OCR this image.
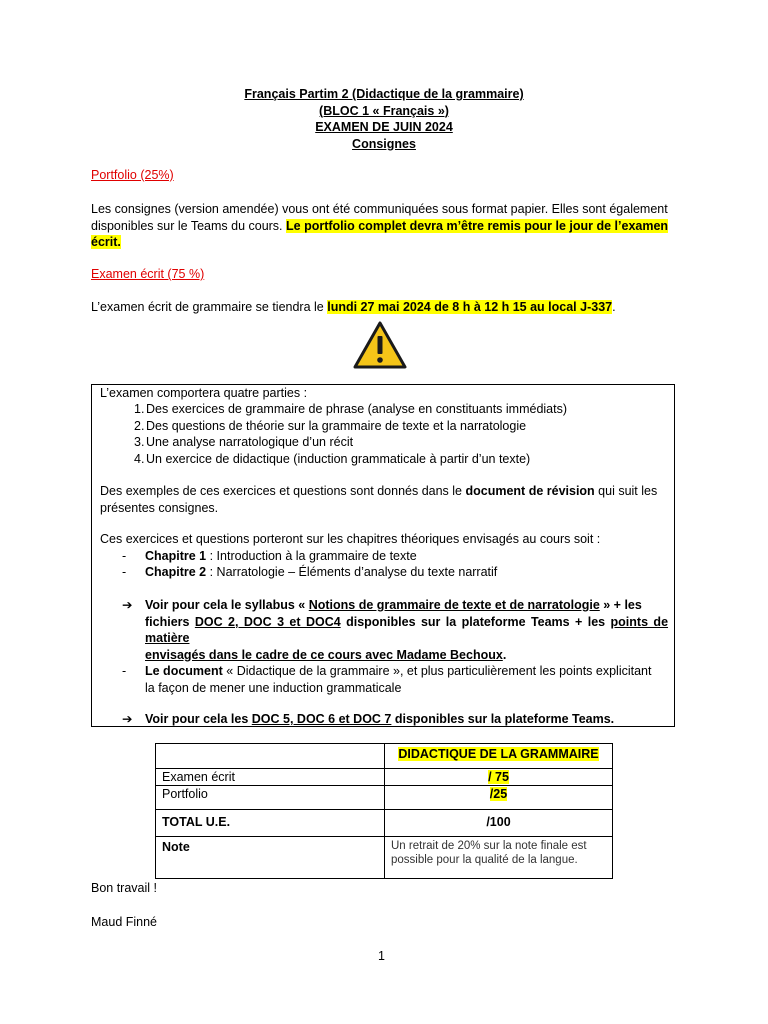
Français Partim 2 (Didactique de la grammaire)
(BLOC 1 « Français »)
EXAMEN DE JUIN 2024
Consignes
Portfolio (25%)
Les consignes (version amendée) vous ont été communiquées sous format papier. Elles sont également
disponibles sur le Teams du cours. Le portfolio complet devra m’être remis pour le jour de l’examen
écrit.
Examen écrit (75 %)
L’examen écrit de grammaire se tiendra le lundi 27 mai 2024 de 8 h à 12 h 15 au local J-337.
L’examen comportera quatre parties :
1. Des exercices de grammaire de phrase (analyse en constituants immédiats)
2. Des questions de théorie sur la grammaire de texte et la narratologie
3. Une analyse narratologique d’un récit
4. Un exercice de didactique (induction grammaticale à partir d’un texte)
Des exemples de ces exercices et questions sont donnés dans le document de révision qui suit les
présentes consignes.
Ces exercices et questions porteront sur les chapitres théoriques envisagés au cours soit :
- Chapitre 1 : Introduction à la grammaire de texte
- Chapitre 2 : Narratologie – Éléments d’analyse du texte narratif
➔ Voir pour cela le syllabus « Notions de grammaire de texte et de narratologie » + les
fichiers DOC 2, DOC 3 et DOC4 disponibles sur la plateforme Teams + les points de matière
envisagés dans le cadre de ce cours avec Madame Bechoux.
- Le document « Didactique de la grammaire », et plus particulièrement les points explicitant
la façon de mener une induction grammaticale
➔ Voir pour cela les DOC 5, DOC 6 et DOC 7 disponibles sur la plateforme Teams.
	DIDACTIQUE DE LA GRAMMAIRE
Examen écrit	/ 75
Portfolio	/25
TOTAL U.E.	/100
Note	Un retrait de 20% sur la note finale est possible pour la qualité de la langue.
Bon travail !
Maud Finné
1
